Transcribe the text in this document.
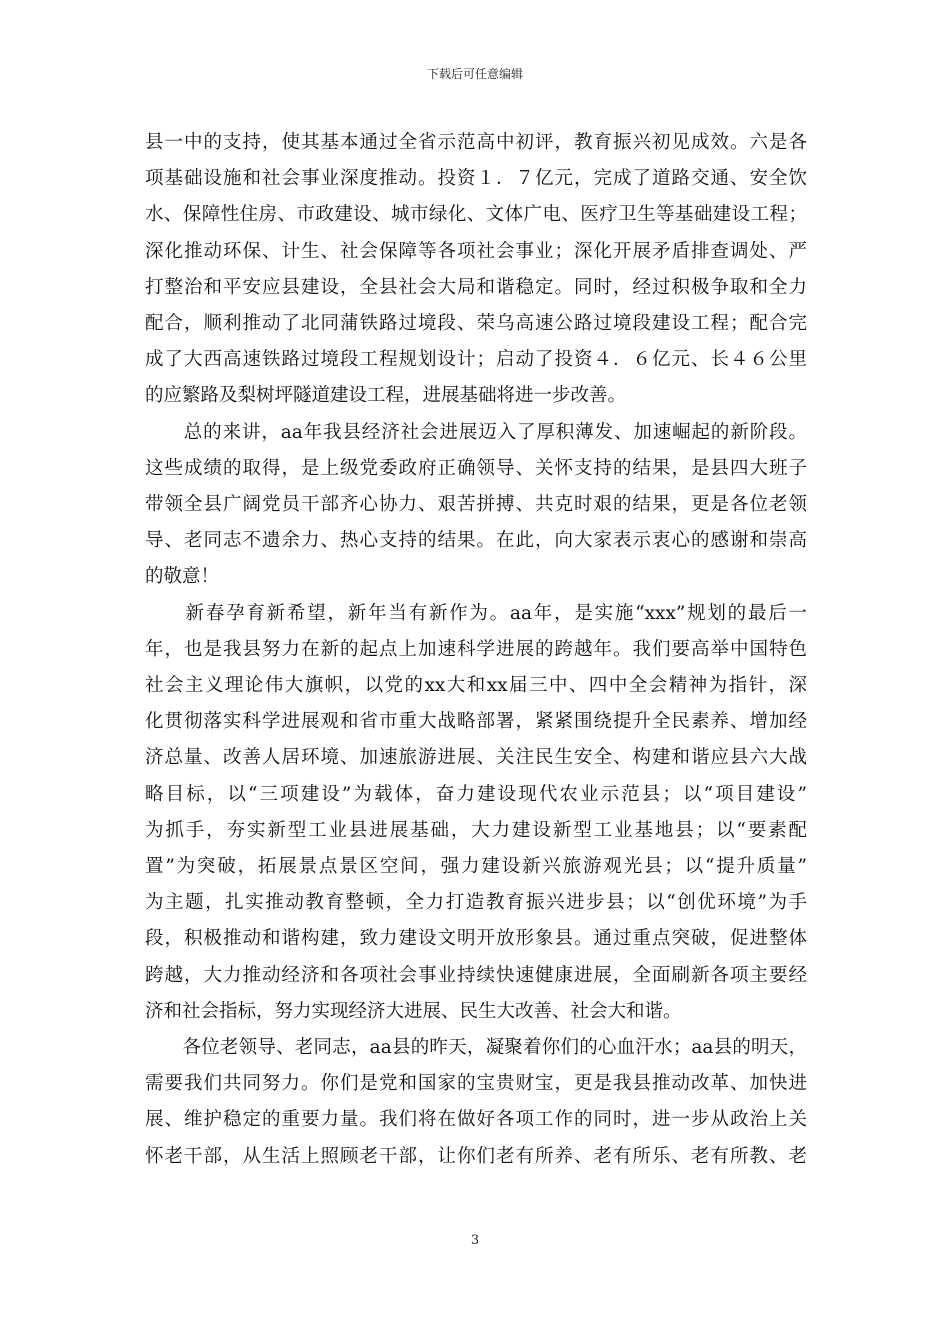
下载后可任意编辑
县一中的支持，使其基本通过全省示范高中初评，教育振兴初见成效。六是各
项基础设施和社会事业深度推动。投资１．７亿元，完成了道路交通、安全饮
水、保障性住房、市政建设、城市绿化、文体广电、医疗卫生等基础建设工程；
深化推动环保、计生、社会保障等各项社会事业；深化开展矛盾排查调处、严
打整治和平安应县建设，全县社会大局和谐稳定。同时，经过积极争取和全力
配合，顺利推动了北同蒲铁路过境段、荣乌高速公路过境段建设工程；配合完
成了大西高速铁路过境段工程规划设计；启动了投资４．６亿元、长４６公里
的应繁路及梨树坪隧道建设工程，进展基础将进一步改善。
　　总的来讲，aa年我县经济社会进展迈入了厚积薄发、加速崛起的新阶段。
这些成绩的取得，是上级党委政府正确领导、关怀支持的结果，是县四大班子
带领全县广阔党员干部齐心协力、艰苦拼搏、共克时艰的结果，更是各位老领
导、老同志不遗余力、热心支持的结果。在此，向大家表示衷心的感谢和崇高
的敬意！
　　新春孕育新希望，新年当有新作为。aa年，是实施“xxx”规划的最后一
年，也是我县努力在新的起点上加速科学进展的跨越年。我们要高举中国特色
社会主义理论伟大旗帜，以党的xx大和xx届三中、四中全会精神为指针，深
化贯彻落实科学进展观和省市重大战略部署，紧紧围绕提升全民素养、增加经
济总量、改善人居环境、加速旅游进展、关注民生安全、构建和谐应县六大战
略目标，以“三项建设”为载体，奋力建设现代农业示范县；以“项目建设”
为抓手，夯实新型工业县进展基础，大力建设新型工业基地县；以“要素配
置”为突破，拓展景点景区空间，强力建设新兴旅游观光县；以“提升质量”
为主题，扎实推动教育整顿，全力打造教育振兴进步县；以“创优环境”为手
段，积极推动和谐构建，致力建设文明开放形象县。通过重点突破，促进整体
跨越，大力推动经济和各项社会事业持续快速健康进展，全面刷新各项主要经
济和社会指标，努力实现经济大进展、民生大改善、社会大和谐。
　　各位老领导、老同志，aa县的昨天，凝聚着你们的心血汗水；aa县的明天，
需要我们共同努力。你们是党和国家的宝贵财宝，更是我县推动改革、加快进
展、维护稳定的重要力量。我们将在做好各项工作的同时，进一步从政治上关
怀老干部，从生活上照顾老干部，让你们老有所养、老有所乐、老有所教、老
3
